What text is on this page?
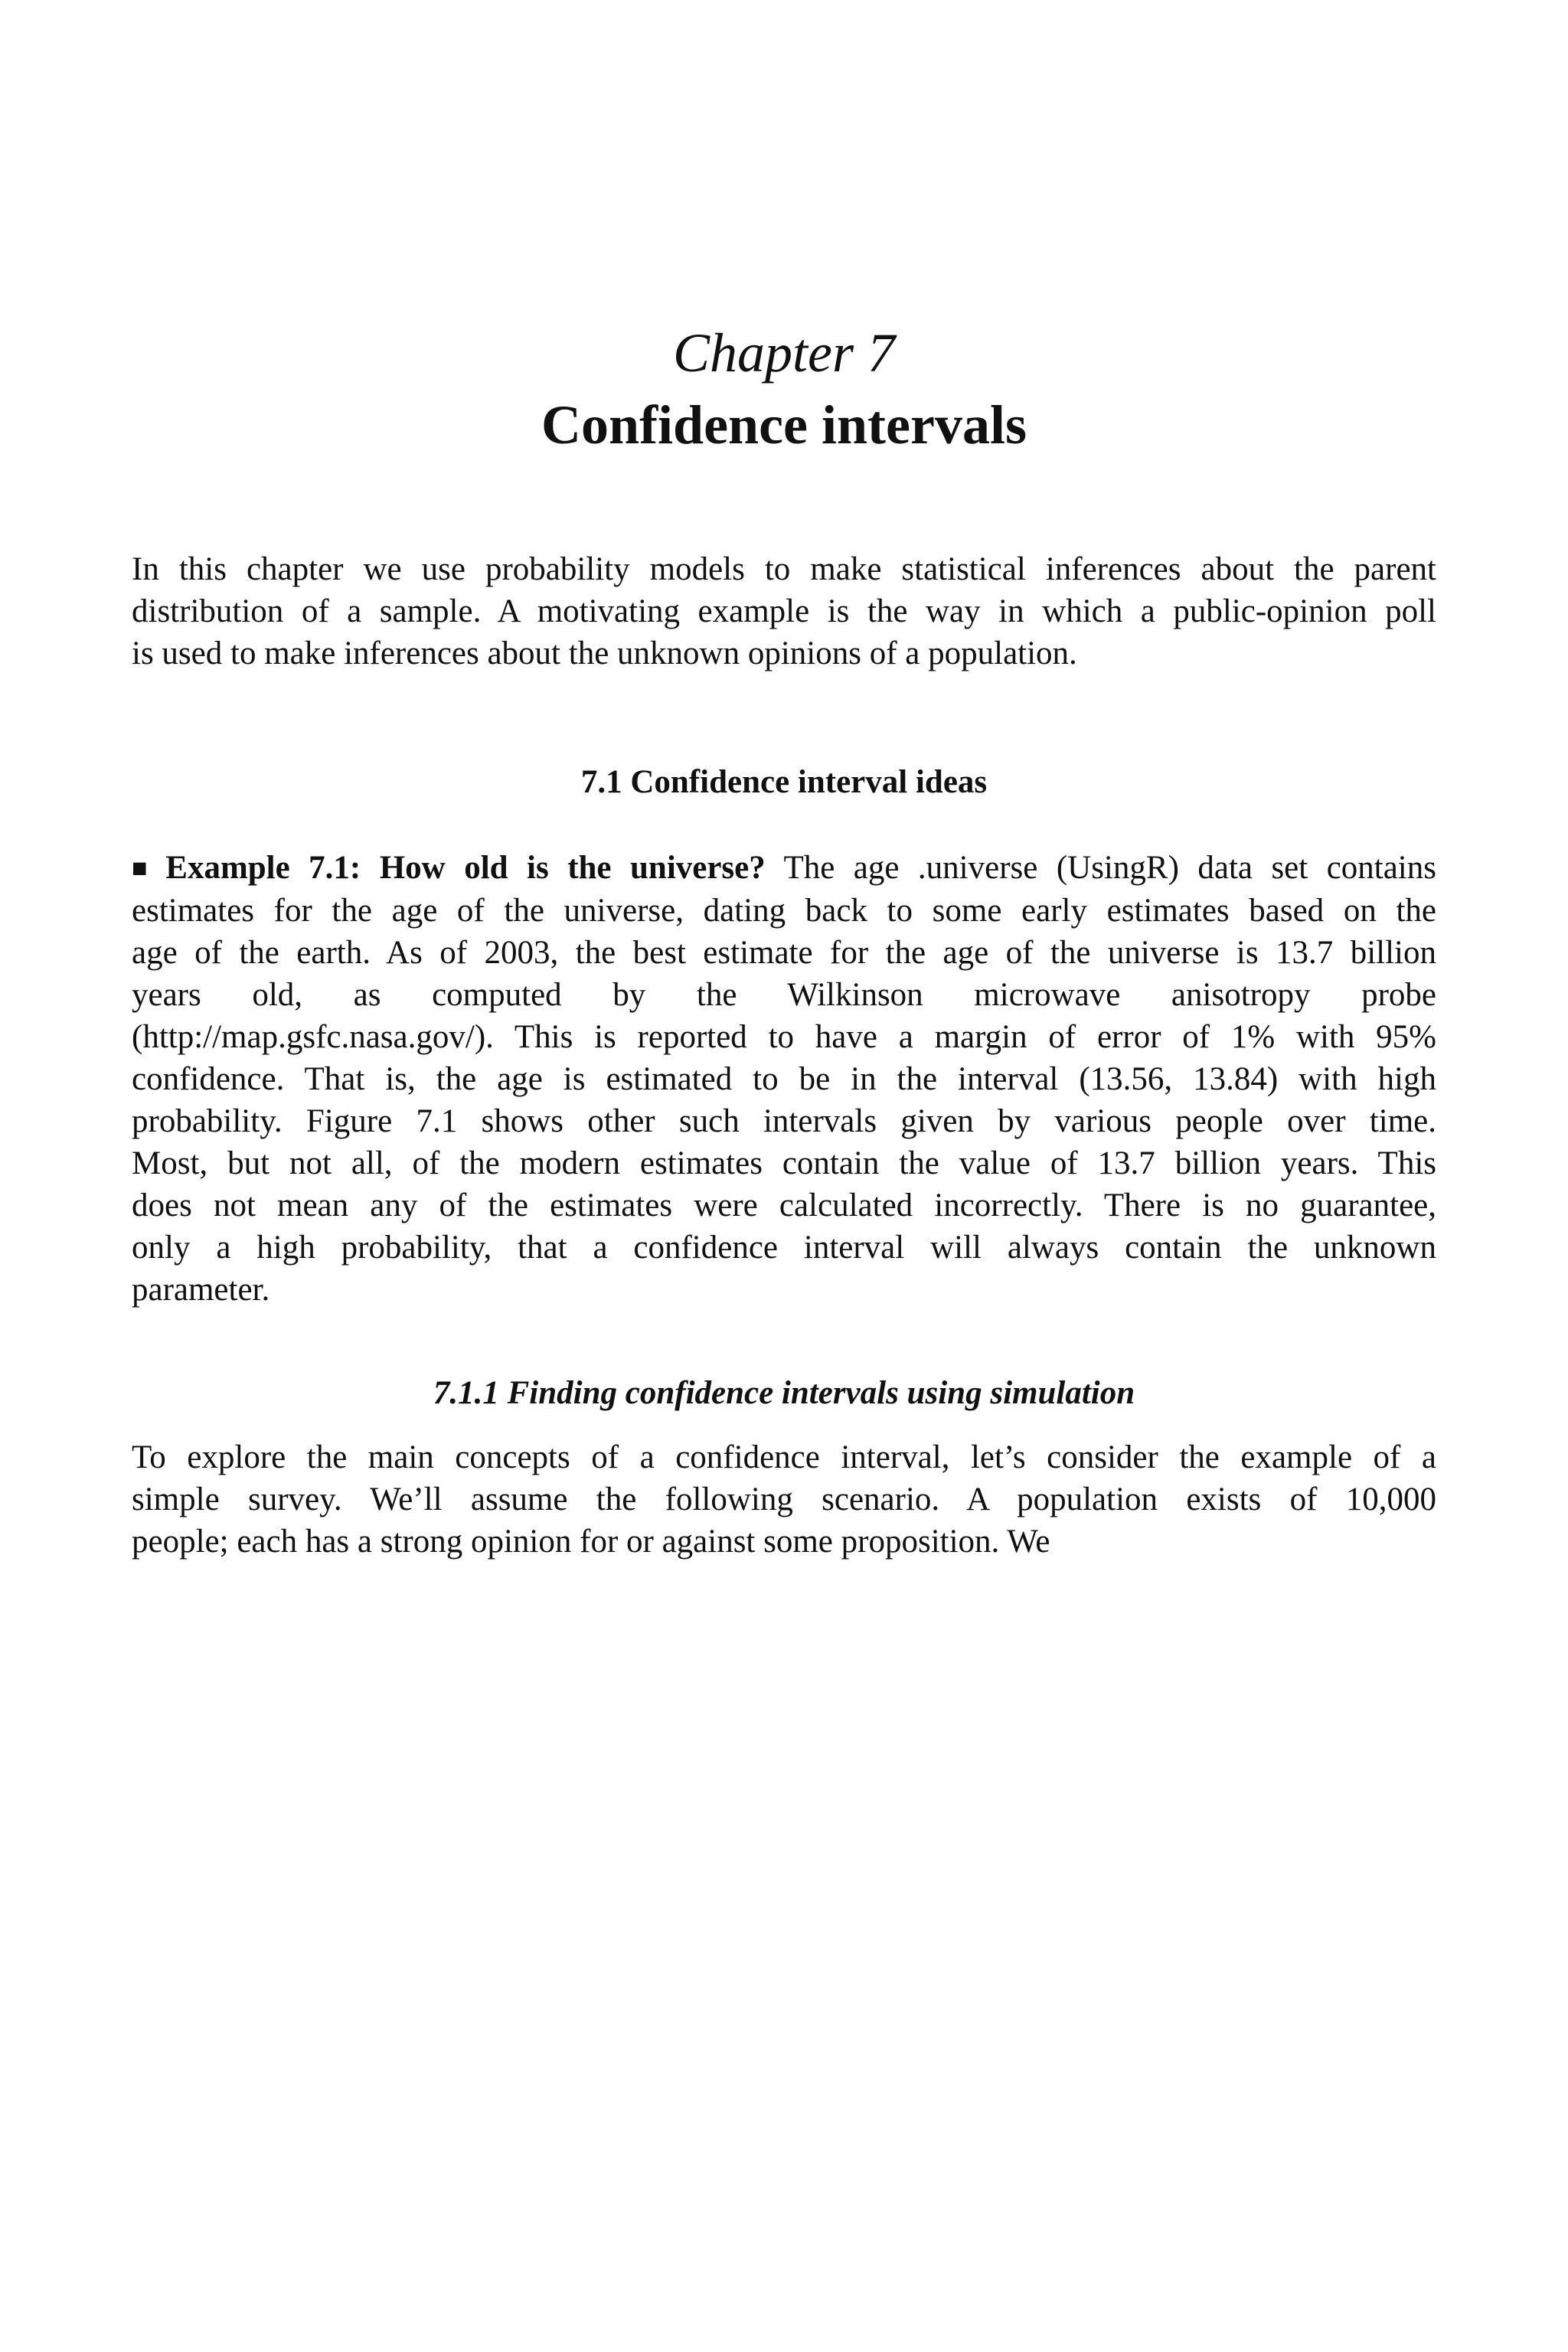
Chapter 7
Confidence intervals
In this chapter we use probability models to make statistical inferences about the parent
distribution of a sample. A motivating example is the way in which a public-opinion poll
is used to make inferences about the unknown opinions of a population.
7.1 Confidence interval ideas
■ Example 7.1: How old is the universe? The age .universe (UsingR) data set contains
estimates for the age of the universe, dating back to some early estimates based on the
age of the earth. As of 2003, the best estimate for the age of the universe is 13.7 billion
years old, as computed by the Wilkinson microwave anisotropy probe
(http://map.gsfc.nasa.gov/). This is reported to have a margin of error of 1% with 95%
confidence. That is, the age is estimated to be in the interval (13.56, 13.84) with high
probability. Figure 7.1 shows other such intervals given by various people over time.
Most, but not all, of the modern estimates contain the value of 13.7 billion years. This
does not mean any of the estimates were calculated incorrectly. There is no guarantee,
only a high probability, that a confidence interval will always contain the unknown
parameter.
7.1.1 Finding confidence intervals using simulation
To explore the main concepts of a confidence interval, let’s consider the example of a
simple survey. We’ll assume the following scenario. A population exists of 10,000
people; each has a strong opinion for or against some proposition. We
